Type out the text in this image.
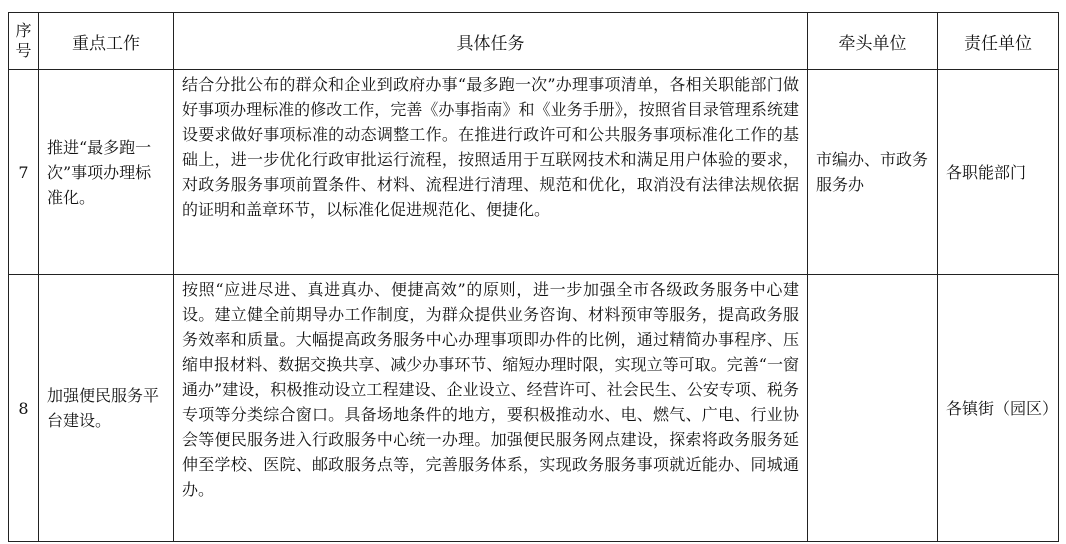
序号	重点工作	具体任务	牵头单位	责任单位
7	推进“最多跑一次”事项办理标准化。	结合分批公布的群众和企业到政府办事“最多跑一次”办理事项清单，各相关职能部门做好事项办理标准的修改工作，完善《办事指南》和《业务手册》，按照省目录管理系统建设要求做好事项标准的动态调整工作。在推进行政许可和公共服务事项标准化工作的基础上，进一步优化行政审批运行流程，按照适用于互联网技术和满足用户体验的要求，对政务服务事项前置条件、材料、流程进行清理、规范和优化，取消没有法律法规依据的证明和盖章环节，以标准化促进规范化、便捷化。	市编办、市政务服务办	各职能部门
8	加强便民服务平台建设。	按照“应进尽进、真进真办、便捷高效”的原则，进一步加强全市各级政务服务中心建设。建立健全前期导办工作制度，为群众提供业务咨询、材料预审等服务，提高政务服务效率和质量。大幅提高政务服务中心办理事项即办件的比例，通过精简办事程序、压缩申报材料、数据交换共享、减少办事环节、缩短办理时限，实现立等可取。完善“一窗通办”建设，积极推动设立工程建设、企业设立、经营许可、社会民生、公安专项、税务专项等分类综合窗口。具备场地条件的地方，要积极推动水、电、燃气、广电、行业协会等便民服务进入行政服务中心统一办理。加强便民服务网点建设，探索将政务服务延伸至学校、医院、邮政服务点等，完善服务体系，实现政务服务事项就近能办、同城通办。		各镇街（园区）
